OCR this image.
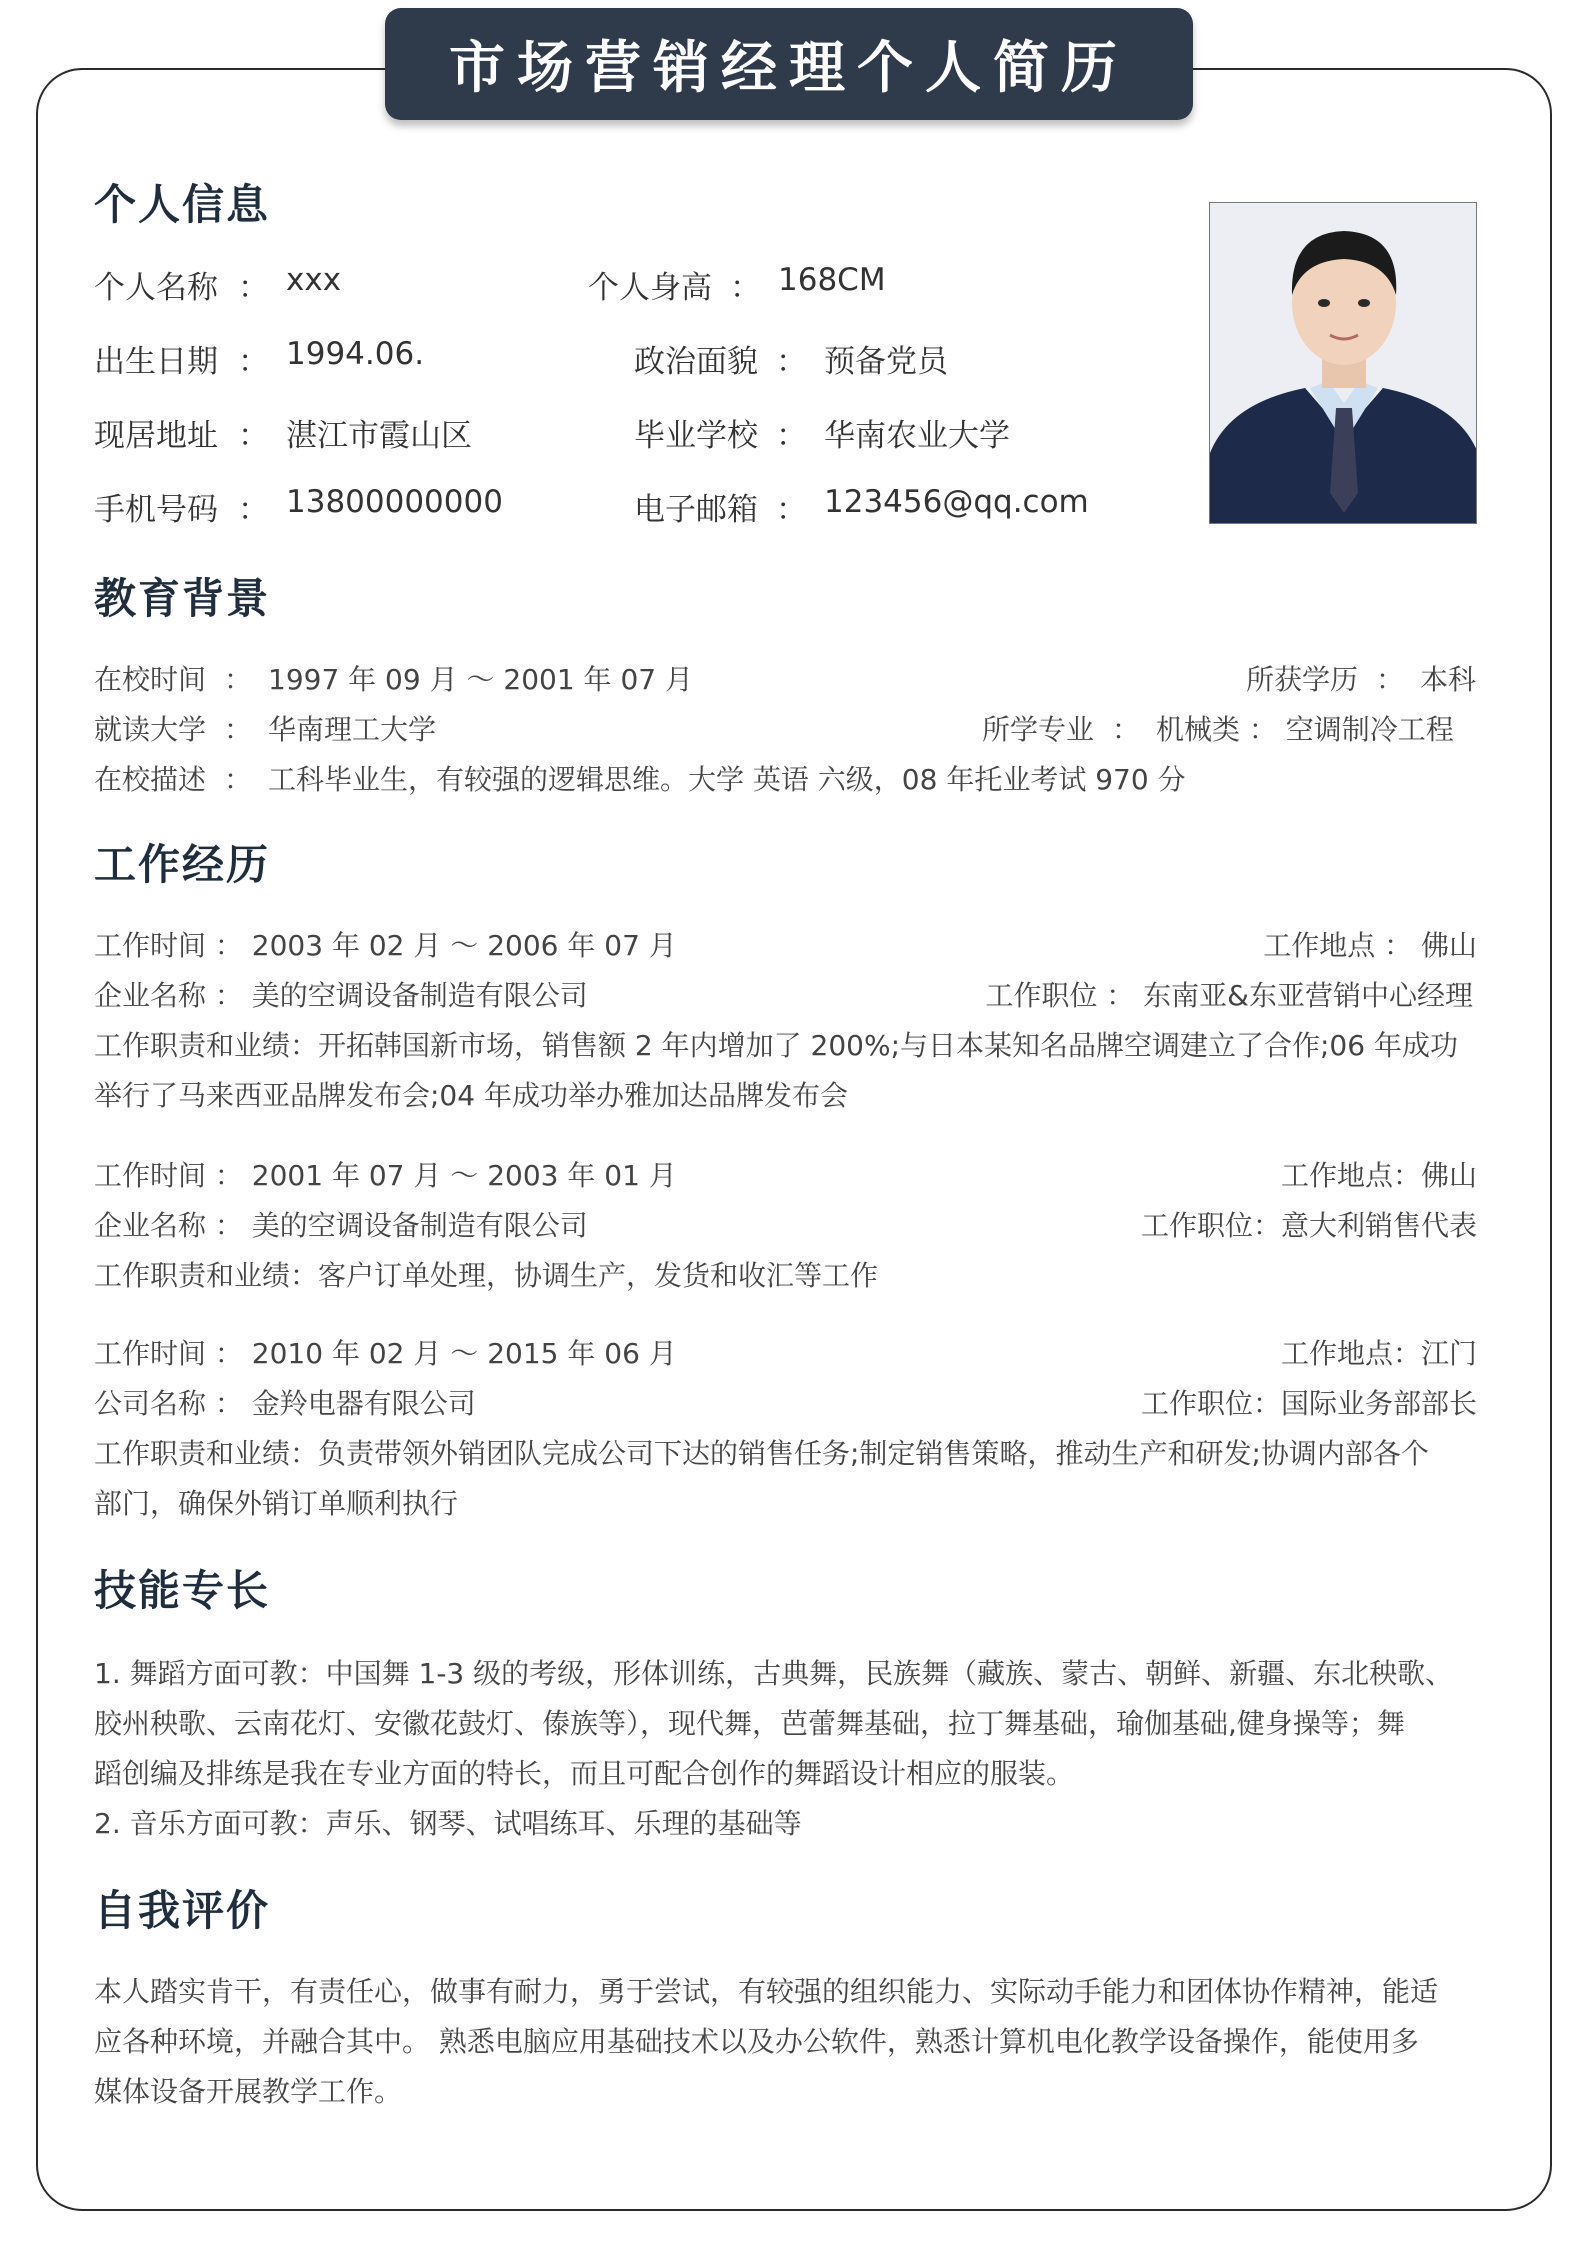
市场营销经理个人简历
个人信息
个人名称 ： xxx	个人身高 ： 168CM
出生日期 ： 1994.06.	政治面貌 ： 预备党员
现居地址 ： 湛江市霞山区	毕业学校 ： 华南农业大学
手机号码 ： 13800000000	电子邮箱 ： 123456@qq.com
教育背景
在校时间 ： 1997 年 09 月 ～ 2001 年 07 月	所获学历 ： 本科
就读大学 ： 华南理工大学	所学专业 ： 机械类 ： 空调制冷工程
在校描述 ： 工科毕业生，有较强的逻辑思维。大学 英语 六级，08 年托业考试 970 分
工作经历
工作时间 ： 2003 年 02 月 ～ 2006 年 07 月	工作地点 ： 佛山
企业名称 ： 美的空调设备制造有限公司	工作职位 ： 东南亚&东亚营销中心经理
工作职责和业绩：开拓韩国新市场，销售额 2 年内增加了 200%;与日本某知名品牌空调建立了合作;06 年成功
举行了马来西亚品牌发布会;04 年成功举办雅加达品牌发布会
工作时间 ： 2001 年 07 月 ～ 2003 年 01 月	工作地点：佛山
企业名称 ： 美的空调设备制造有限公司	工作职位：意大利销售代表
工作职责和业绩：客户订单处理，协调生产，发货和收汇等工作
工作时间 ： 2010 年 02 月 ～ 2015 年 06 月	工作地点：江门
公司名称 ： 金羚电器有限公司	工作职位：国际业务部部长
工作职责和业绩：负责带领外销团队完成公司下达的销售任务;制定销售策略，推动生产和研发;协调内部各个
部门，确保外销订单顺利执行
技能专长
1. 舞蹈方面可教：中国舞 1-3 级的考级，形体训练，古典舞，民族舞（藏族、蒙古、朝鲜、新疆、东北秧歌、
胶州秧歌、云南花灯、安徽花鼓灯、傣族等），现代舞，芭蕾舞基础，拉丁舞基础，瑜伽基础,健身操等；舞
蹈创编及排练是我在专业方面的特长，而且可配合创作的舞蹈设计相应的服装。
2. 音乐方面可教：声乐、钢琴、试唱练耳、乐理的基础等
自我评价
本人踏实肯干，有责任心，做事有耐力，勇于尝试，有较强的组织能力、实际动手能力和团体协作精神，能适
应各种环境，并融合其中。 熟悉电脑应用基础技术以及办公软件，熟悉计算机电化教学设备操作，能使用多
媒体设备开展教学工作。
